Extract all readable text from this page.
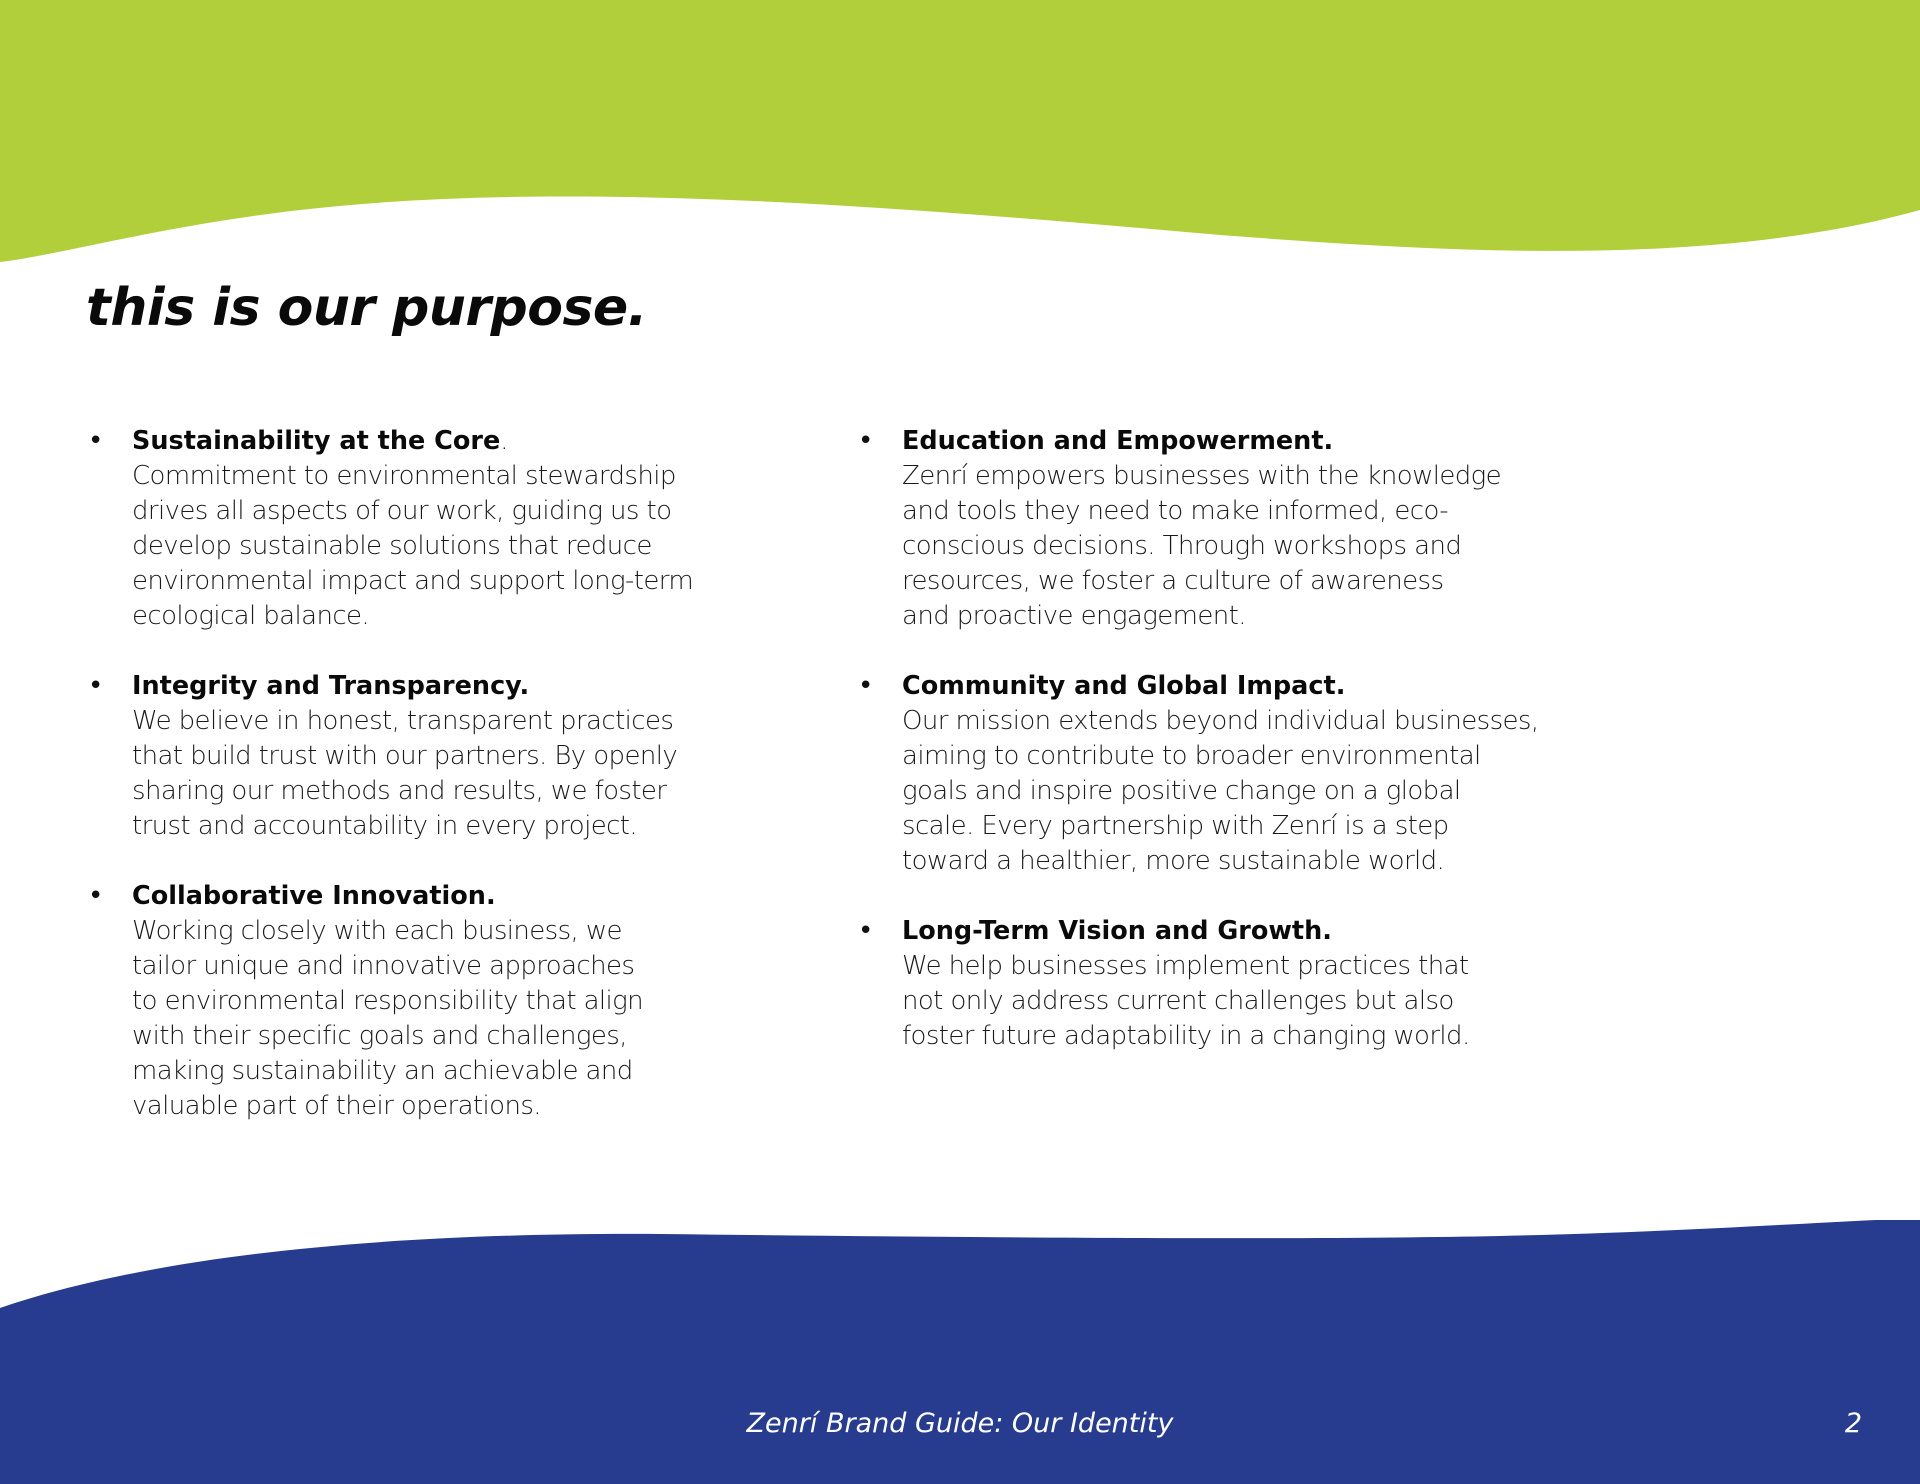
this is our purpose.
• Sustainability at the Core.

Commitment to environmental stewardship
drives all aspects of our work, guiding us to
develop sustainable solutions that reduce
environmental impact and support long-term
ecological balance.

• Integrity and Transparency.

We believe in honest, transparent practices
that build trust with our partners. By openly
sharing our methods and results, we foster
trust and accountability in every project.

• Collaborative Innovation.

Working closely with each business, we
tailor unique and innovative approaches
to environmental responsibility that align
with their specific goals and challenges,
making sustainability an achievable and
valuable part of their operations.

• Education and Empowerment.

Zenrí empowers businesses with the knowledge
and tools they need to make informed, eco-
conscious decisions. Through workshops and
resources, we foster a culture of awareness
and proactive engagement.

• Community and Global Impact.

Our mission extends beyond individual businesses,
aiming to contribute to broader environmental
goals and inspire positive change on a global
scale. Every partnership with Zenrí is a step
toward a healthier, more sustainable world.

• Long-Term Vision and Growth.

We help businesses implement practices that
not only address current challenges but also
foster future adaptability in a changing world.

Zenrí Brand Guide: Our Identity	2
